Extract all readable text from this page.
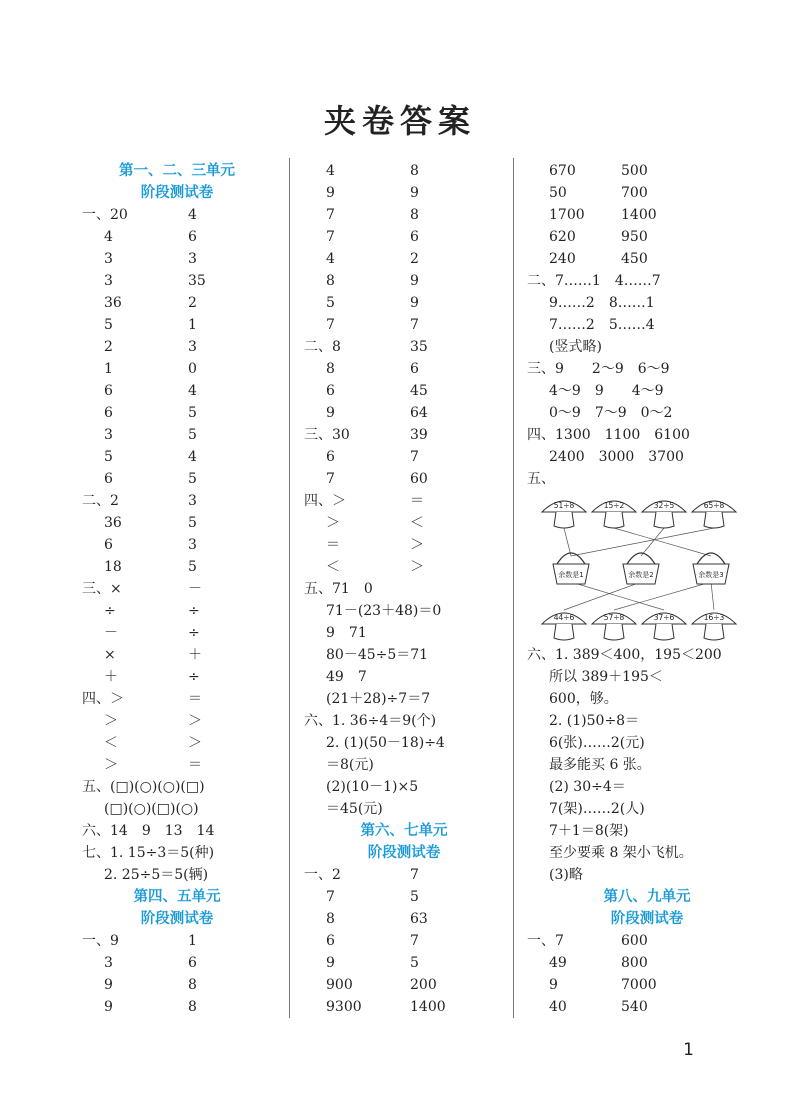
夹卷答案
第一、二、三单元
阶段测试卷
一、20	4
4	6
3	3
3	35
36	2
5	1
2	3
1	0
6	4
6	5
3	5
5	4
6	5
二、2	3
36	5
6	3
18	5
三、×	－
÷	÷
－	÷
×	＋
＋	÷
四、＞	＝
＞	＞
＜	＞
＞	＝
五、(□)(○)(○)(□)
(□)(○)(□)(○)
六、14　9　13　14
七、1. 15÷3＝5(种)
2. 25÷5＝5(辆)
第四、五单元
阶段测试卷
一、9	1
3	6
9	8
9	8
4	8
9	9
7	8
7	6
4	2
8	9
5	9
7	7
二、8	35
8	6
6	45
9	64
三、30	39
6	7
7	60
四、＞	＝
＞	＜
＝	＞
＜	＞
五、71　0
71－(23＋48)＝0
9　71
80－45÷5＝71
49　7
(21＋28)÷7＝7
六、1. 36÷4＝9(个)
2. (1)(50－18)÷4
＝8(元)
(2)(10－1)×5
＝45(元)
第六、七单元
阶段测试卷
一、2	7
7	5
8	63
6	7
9	5
900	200
9300	1400
670	500
50	700
1700	1400
620	950
240	450
二、7……1　4……7
9……2　8……1
7……2　5……4
(竖式略)
三、9　　2～9　6～9
4～9　9　　4～9
0～9　7～9　0～2
四、1300　1100　6100
2400　3000　3700
五、
51÷8	15÷2	32÷5	65÷8
余数是1	余数是2	余数是3
44÷6	57÷8	37÷6	16÷3
六、1. 389＜400，195＜200
所以 389＋195＜
600，够。
2. (1)50÷8＝
6(张)……2(元)
最多能买 6 张。
(2) 30÷4＝
7(架)……2(人)
7＋1＝8(架)
至少要乘 8 架小飞机。
(3)略
第八、九单元
阶段测试卷
一、7	600
49	800
9	7000
40	540
1
